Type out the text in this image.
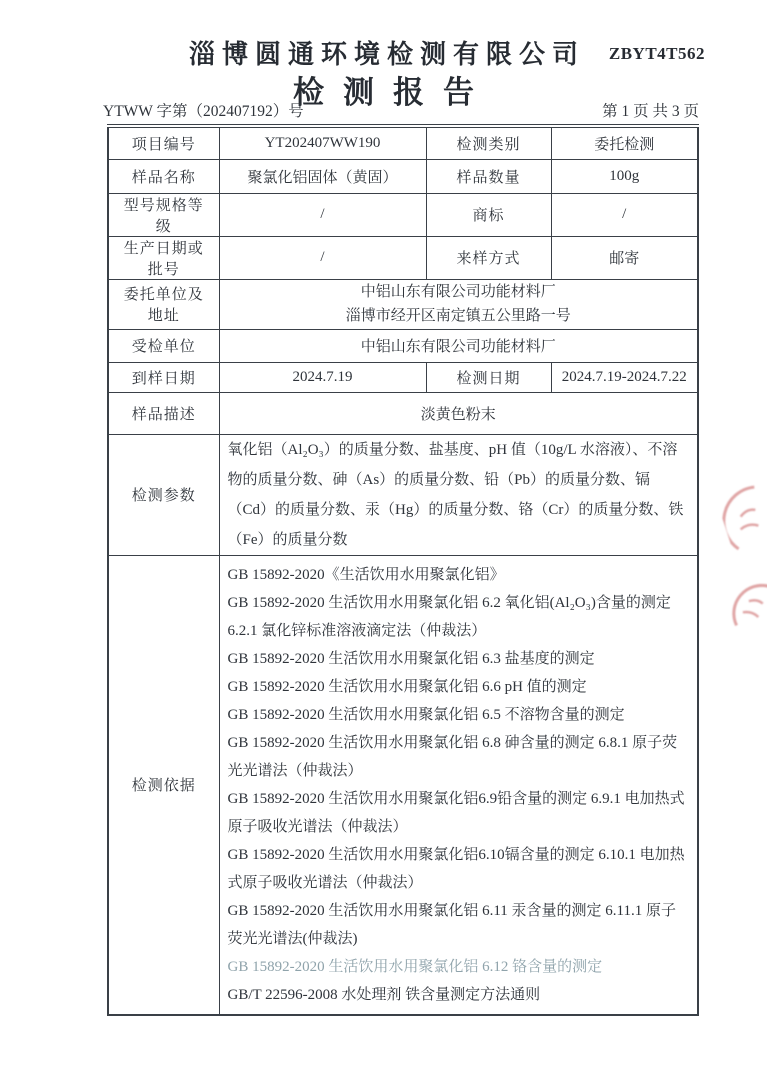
淄博圆通环境检测有限公司	ZBYT4T562
检测报告
YTWW 字第（202407192）号	第 1 页 共 3 页
项目编号	YT202407WW190	检测类别	委托检测
样品名称	聚氯化铝固体（黄固）	样品数量	100g
型号规格等级	/	商标	/
生产日期或批号	/	来样方式	邮寄
委托单位及地址	中铝山东有限公司功能材料厂
淄博市经开区南定镇五公里路一号		

受检单位	中铝山东有限公司功能材料厂		
到样日期	2024.7.19	检测日期	2024.7.19-2024.7.22
样品描述	淡黄色粉末		
检测参数	氧化铝（Al₂O₃）的质量分数、盐基度、pH 值（10g/L 水溶液）、不溶物的质量分数、砷（As）的质量分数、铅（Pb）的质量分数、镉（Cd）的质量分数、汞（Hg）的质量分数、铬（Cr）的质量分数、铁（Fe）的质量分数		

检测依据	
GB 15892-2020《生活饮用水用聚氯化铝》
GB 15892-2020 生活饮用水用聚氯化铝 6.2 氧化铝(Al₂O₃)含量的测定 6.2.1 氯化锌标准溶液滴定法（仲裁法）
GB 15892-2020 生活饮用水用聚氯化铝 6.3 盐基度的测定
GB 15892-2020 生活饮用水用聚氯化铝 6.6 pH 值的测定
GB 15892-2020 生活饮用水用聚氯化铝 6.5 不溶物含量的测定
GB 15892-2020 生活饮用水用聚氯化铝 6.8 砷含量的测定 6.8.1 原子荧光光谱法（仲裁法）
GB 15892-2020 生活饮用水用聚氯化铝6.9铅含量的测定 6.9.1 电加热式原子吸收光谱法（仲裁法）
GB 15892-2020 生活饮用水用聚氯化铝6.10镉含量的测定 6.10.1 电加热式原子吸收光谱法（仲裁法）
GB 15892-2020 生活饮用水用聚氯化铝 6.11 汞含量的测定 6.11.1 原子荧光光谱法(仲裁法)
GB 15892-2020 生活饮用水用聚氯化铝 6.12 铬含量的测定
GB/T 22596-2008 水处理剂 铁含量测定方法通则
